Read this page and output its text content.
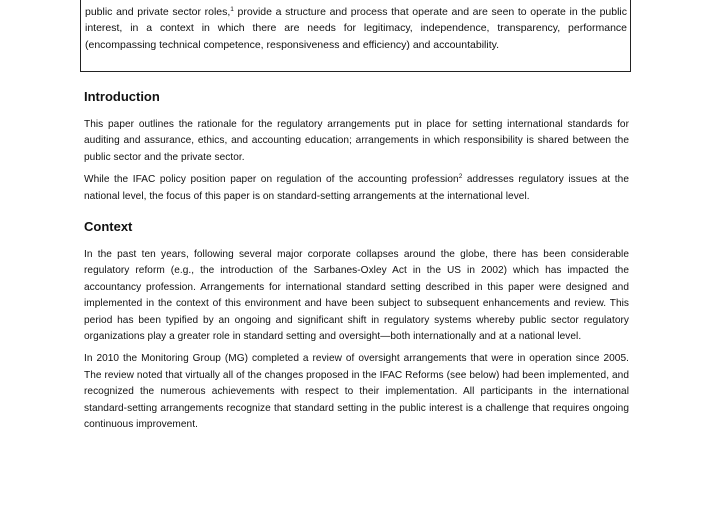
public and private sector roles,$^1$ provide a structure and process that operate and are seen to operate in the public interest, in a context in which there are needs for legitimacy, independence, transparency, performance (encompassing technical competence, responsiveness and efficiency) and accountability.

Introduction

This paper outlines the rationale for the regulatory arrangements put in place for setting international standards for auditing and assurance, ethics, and accounting education; arrangements in which responsibility is shared between the public sector and the private sector.

While the IFAC policy position paper on regulation of the accounting profession$^2$ addresses regulatory issues at the national level, the focus of this paper is on standard-setting arrangements at the international level.

Context

In the past ten years, following several major corporate collapses around the globe, there has been considerable regulatory reform (e.g., the introduction of the Sarbanes-Oxley Act in the US in 2002) which has impacted the accountancy profession. Arrangements for international standard setting described in this paper were designed and implemented in the context of this environment and have been subject to subsequent enhancements and review. This period has been typified by an ongoing and significant shift in regulatory systems whereby public sector regulatory organizations play a greater role in standard setting and oversight—both internationally and at a national level.

In 2010 the Monitoring Group (MG) completed a review of oversight arrangements that were in operation since 2005. The review noted that virtually all of the changes proposed in the IFAC Reforms (see below) had been implemented, and recognized the numerous achievements with respect to their implementation. All participants in the international standard-setting arrangements recognize that standard setting in the public interest is a challenge that requires ongoing continuous improvement.
